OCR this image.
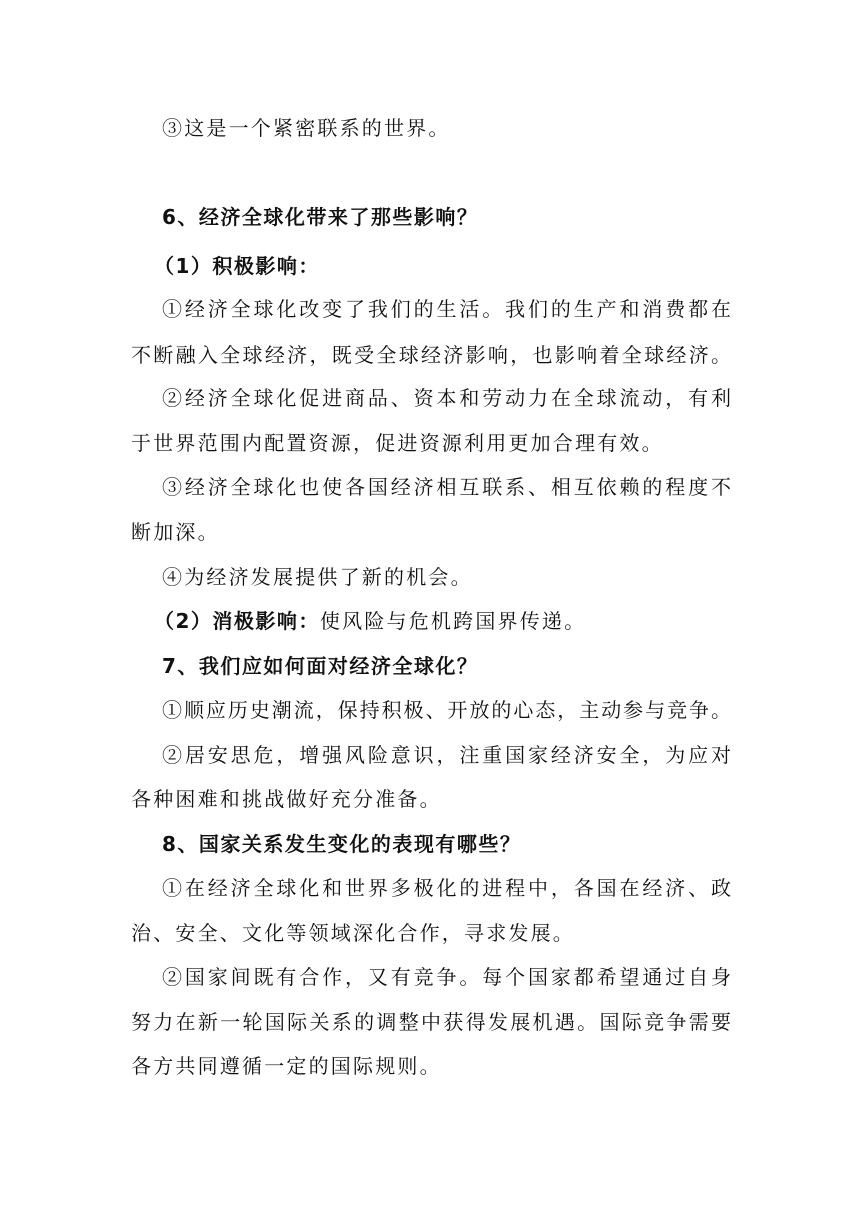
③这是一个紧密联系的世界。
6、经济全球化带来了那些影响？
（1）积极影响：
①经济全球化改变了我们的生活。我们的生产和消费都在
不断融入全球经济，既受全球经济影响，也影响着全球经济。
②经济全球化促进商品、资本和劳动力在全球流动，有利
于世界范围内配置资源，促进资源利用更加合理有效。
③经济全球化也使各国经济相互联系、相互依赖的程度不
断加深。
④为经济发展提供了新的机会。
（2）消极影响：使风险与危机跨国界传递。
7、我们应如何面对经济全球化？
①顺应历史潮流，保持积极、开放的心态，主动参与竞争。
②居安思危，增强风险意识，注重国家经济安全，为应对
各种困难和挑战做好充分准备。
8、国家关系发生变化的表现有哪些？
①在经济全球化和世界多极化的进程中，各国在经济、政
治、安全、文化等领域深化合作，寻求发展。
②国家间既有合作，又有竞争。每个国家都希望通过自身
努力在新一轮国际关系的调整中获得发展机遇。国际竞争需要
各方共同遵循一定的国际规则。
